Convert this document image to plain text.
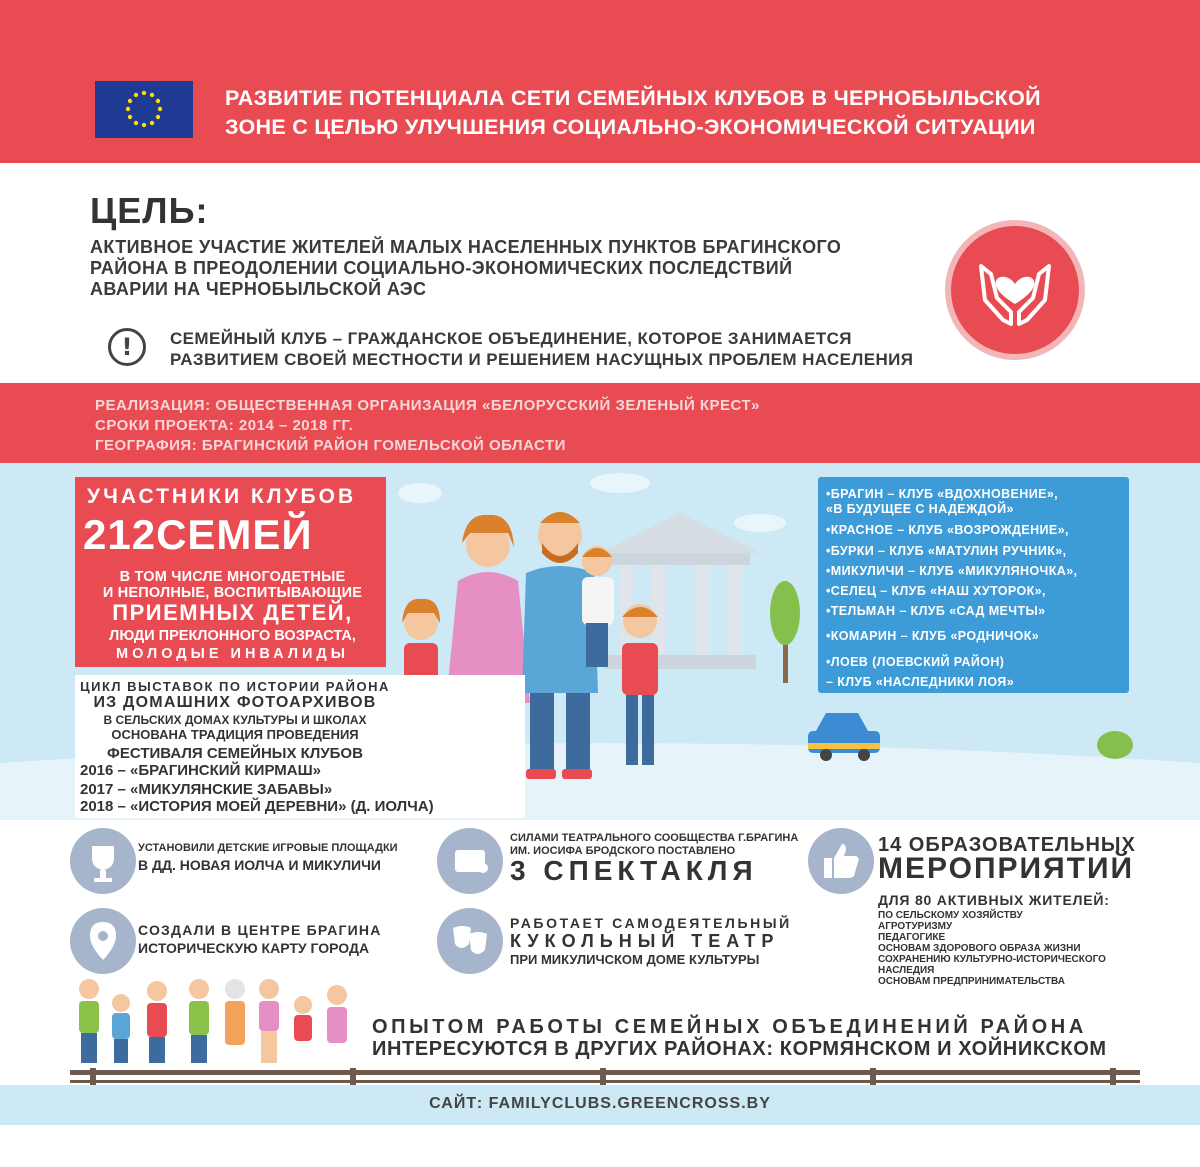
РАЗВИТИЕ ПОТЕНЦИАЛА СЕТИ СЕМЕЙНЫХ КЛУБОВ В ЧЕРНОБЫЛЬСКОЙ
ЗОНЕ С ЦЕЛЬЮ УЛУЧШЕНИЯ СОЦИАЛЬНО-ЭКОНОМИЧЕСКОЙ СИТУАЦИИ
ЦЕЛЬ:
АКТИВНОЕ УЧАСТИЕ ЖИТЕЛЕЙ МАЛЫХ НАСЕЛЕННЫХ ПУНКТОВ БРАГИНСКОГО
РАЙОНА В ПРЕОДОЛЕНИИ СОЦИАЛЬНО-ЭКОНОМИЧЕСКИХ ПОСЛЕДСТВИЙ
АВАРИИ НА ЧЕРНОБЫЛЬСКОЙ АЭС
!	СЕМЕЙНЫЙ КЛУБ – ГРАЖДАНСКОЕ ОБЪЕДИНЕНИЕ, КОТОРОЕ ЗАНИМАЕТСЯ
РАЗВИТИЕМ СВОЕЙ МЕСТНОСТИ И РЕШЕНИЕМ НАСУЩНЫХ ПРОБЛЕМ НАСЕЛЕНИЯ
РЕАЛИЗАЦИЯ: ОБЩЕСТВЕННАЯ ОРГАНИЗАЦИЯ «БЕЛОРУССКИЙ ЗЕЛЕНЫЙ КРЕСТ»
СРОКИ ПРОЕКТА: 2014 – 2018 ГГ.
ГЕОГРАФИЯ: БРАГИНСКИЙ РАЙОН ГОМЕЛЬСКОЙ ОБЛАСТИ
УЧАСТНИКИ КЛУБОВ
212СЕМЕЙ
В ТОМ ЧИСЛЕ МНОГОДЕТНЫЕ
И НЕПОЛНЫЕ, ВОСПИТЫВАЮЩИЕ
ПРИЕМНЫХ ДЕТЕЙ,
ЛЮДИ ПРЕКЛОННОГО ВОЗРАСТА,
МОЛОДЫЕ ИНВАЛИДЫ
ЦИКЛ ВЫСТАВОК ПО ИСТОРИИ РАЙОНА
ИЗ ДОМАШНИХ ФОТОАРХИВОВ
В СЕЛЬСКИХ ДОМАХ КУЛЬТУРЫ И ШКОЛАХ
ОСНОВАНА ТРАДИЦИЯ ПРОВЕДЕНИЯ
ФЕСТИВАЛЯ СЕМЕЙНЫХ КЛУБОВ
2016 – «БРАГИНСКИЙ КИРМАШ»
2017 – «МИКУЛЯНСКИЕ ЗАБАВЫ»
2018 – «ИСТОРИЯ МОЕЙ ДЕРЕВНИ» (Д. ИОЛЧА)
•БРАГИН – КЛУБ «ВДОХНОВЕНИЕ»,
«В БУДУЩЕЕ С НАДЕЖДОЙ»
•КРАСНОЕ – КЛУБ «ВОЗРОЖДЕНИЕ»,
•БУРКИ – КЛУБ «МАТУЛИН РУЧНИК»,
•МИКУЛИЧИ – КЛУБ «МИКУЛЯНОЧКА»,
•СЕЛЕЦ – КЛУБ «НАШ ХУТОРОК»,
•ТЕЛЬМАН – КЛУБ «САД МЕЧТЫ»
•КОМАРИН – КЛУБ «РОДНИЧОК»
•ЛОЕВ (ЛОЕВСКИЙ РАЙОН)
– КЛУБ «НАСЛЕДНИКИ ЛОЯ»
УСТАНОВИЛИ ДЕТСКИЕ ИГРОВЫЕ ПЛОЩАДКИ
В ДД. НОВАЯ ИОЛЧА И МИКУЛИЧИ
СОЗДАЛИ В ЦЕНТРЕ БРАГИНА
ИСТОРИЧЕСКУЮ КАРТУ ГОРОДА
СИЛАМИ ТЕАТРАЛЬНОГО СООБЩЕСТВА Г.БРАГИНА
ИМ. ИОСИФА БРОДСКОГО ПОСТАВЛЕНО
3 СПЕКТАКЛЯ
РАБОТАЕТ САМОДЕЯТЕЛЬНЫЙ
КУКОЛЬНЫЙ ТЕАТР
ПРИ МИКУЛИЧСКОМ ДОМЕ КУЛЬТУРЫ
14 ОБРАЗОВАТЕЛЬНЫХ
МЕРОПРИЯТИЙ
ДЛЯ 80 АКТИВНЫХ ЖИТЕЛЕЙ:
ПО СЕЛЬСКОМУ ХОЗЯЙСТВУ
АГРОТУРИЗМУ
ПЕДАГОГИКЕ
ОСНОВАМ ЗДОРОВОГО ОБРАЗА ЖИЗНИ
СОХРАНЕНИЮ КУЛЬТУРНО-ИСТОРИЧЕСКОГО
НАСЛЕДИЯ
ОСНОВАМ ПРЕДПРИНИМАТЕЛЬСТВА
ОПЫТОМ РАБОТЫ СЕМЕЙНЫХ ОБЪЕДИНЕНИЙ РАЙОНА
ИНТЕРЕСУЮТСЯ В ДРУГИХ РАЙОНАХ: КОРМЯНСКОМ И ХОЙНИКСКОМ
САЙТ: FAMILYCLUBS.GREENCROSS.BY
